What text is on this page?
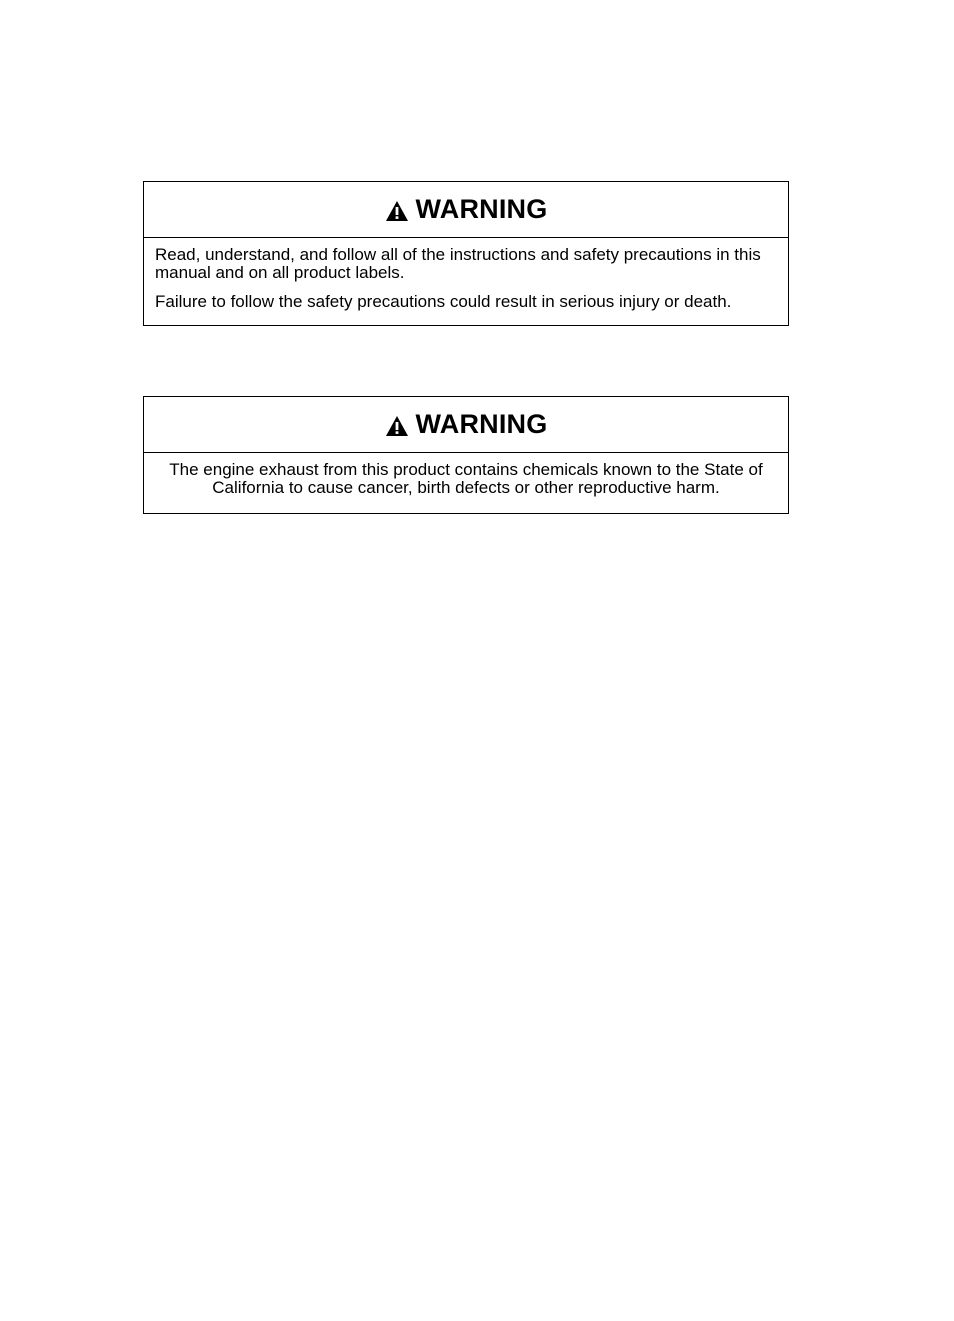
WARNING

Read, understand, and follow all of the instructions and safety precautions in this manual and on all product labels.

Failure to follow the safety precautions could result in serious injury or death.

WARNING

The engine exhaust from this product contains chemicals known to the State of California to cause cancer, birth defects or other reproductive harm.
